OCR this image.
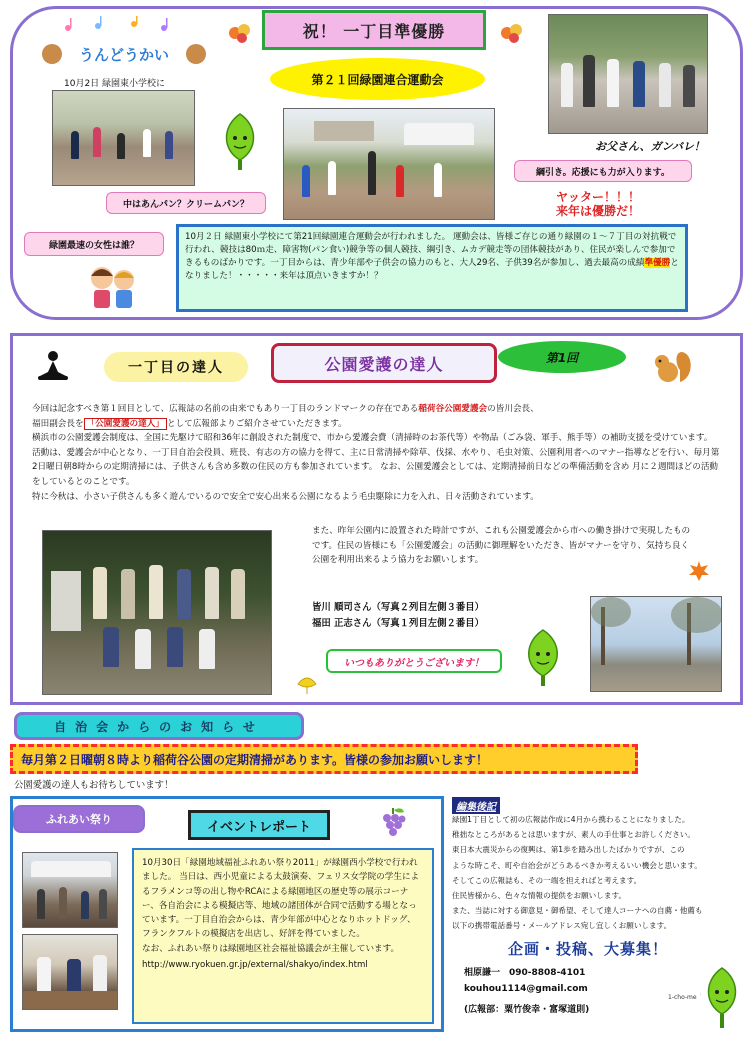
うんどうかい
祝！ 一丁目準優勝
10月2日 緑園東小学校に	第２１回緑園連合運動会
お父さん、ガンバレ！
綱引き。応援にも力が入ります。
中はあんパン？クリームパン？
緑園最速の女性は誰？
ヤッター！！！
来年は優勝だ！
10月２日 緑園東小学校にて第21回緑園連合運動会が行われました。 運動会は、皆様ご存じの通り緑園の１〜７丁目の対抗戦で行われ、競技は80ｍ走、障害物(パン食い)競争等の個人競技、綱引き、ムカデ競走等の団体競技があり、住民が楽しんで参加できるものばかりです。一丁目からは、青少年部や子供会の協力のもと、大人29名、子供39名が参加し、過去最高の成績準優勝となりました！・・・・・来年は頂点いきますか！？
一丁目の達人	公園愛護の達人	第1回
今回は記念すべき第１回目として、広報誌の名前の由来でもあり一丁目のランドマークの存在である稲荷谷公園愛護会の皆川会長、
福田副会長を 「公園愛護の達人」 として広報部よりご紹介させていただきます。
横浜市の公園愛護会制度は、全国に先駆けて昭和36年に創設された制度で、市から愛護会費（清掃時のお茶代等）や物品（ごみ袋、軍手、熊手等）の補助支援を受けています。
活動は、愛護会が中心となり、一丁目自治会役員、班長、有志の方の協力を得て、主に日常清掃や除草、伐採、水やり、毛虫対策、公園利用者へのマナー指導などを行い、毎月第2日曜日朝8時からの定期清掃には、子供さんも含め多数の住民の方も参加されています。 なお、公園愛護会としては、定期清掃前日などの準備活動を含め 月に２週間ほどの活動をしているとのことです。
特に今秋は、小さい子供さんも多く遊んでいるので安全で安心出来る公園になるよう毛虫駆除に力を入れ、日々活動されています。
また、昨年公園内に設置された時計ですが、これも公園愛護会から市への働き掛けで実現したものです。住民の皆様にも「公園愛護会」の活動に御理解をいただき、皆がマナーを守り、気持ち良く公園を利用出来るよう協力をお願いします。
皆川 順司さん（写真２列目左側３番目）
福田 正志さん（写真１列目左側２番目）
いつもありがとうございます！
自治会からのお知らせ
毎月第２日曜朝８時より稲荷谷公園の定期清掃があります。皆様の参加お願いします！
公園愛護の達人もお待ちしています！
ふれあい祭り	イベントレポート
10月30日「緑園地域福祉ふれあい祭り2011」が緑園西小学校で行われました。 当日は、西小児童による太鼓演奏、フェリス女学院の学生によるフラメンコ等の出し物やRCAによる緑園地区の歴史等の展示コーナー、各自治会による模擬店等、地域の諸団体が合同で活動する場となっています。一丁目自治会からは、青少年部が中心となりホットドッグ、フランクフルトの模擬店を出店し、好評を得ていました。
なお、ふれあい祭りは緑園地区社会福祉協議会が主催しています。
http://www.ryokuen.gr.jp/external/shakyo/index.html
編集後記
緑園1丁目として初の広報誌作成に4月から携わることになりました。
稚拙なところがあるとは思いますが、素人の手仕事とお許しください。
東日本大震災からの復興は、第1歩を踏み出したばかりですが、この
ような時こそ、町や自治会がどうあるべきか考えるいい機会と思います。
そしてこの広報誌も、その一端を担えればと考えます。
住民皆様から、色々な情報の提供をお願いします。
また、当誌に対する御意見・御希望、そして達人コーナへの自薦・他薦も
以下の携帯電話番号・メールアドレス宛し宜しくお願いします。
企画・投稿、大募集！
相原謙一　090-8808-4101
kouhou1114@gmail.com
(広報部：粟竹俊幸・富塚道則)
1-cho-me
